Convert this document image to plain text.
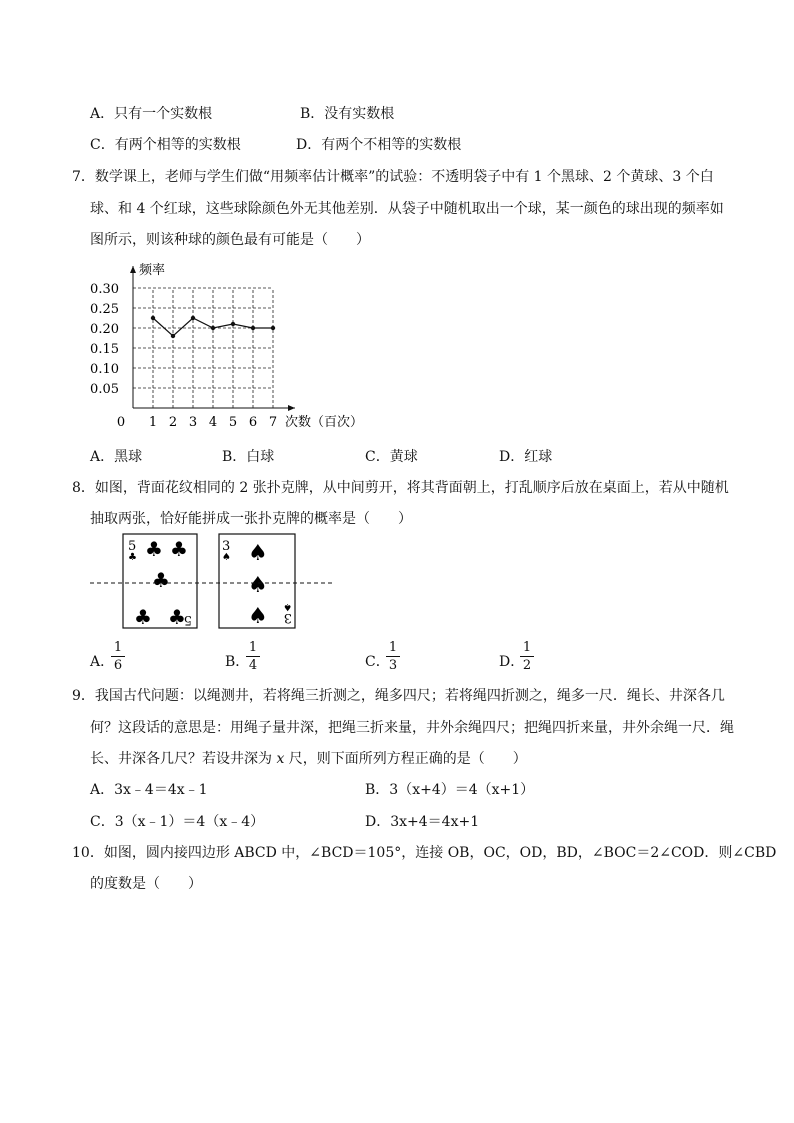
A．只有一个实数根	B．没有实数根
C．有两个相等的实数根	D．有两个不相等的实数根
7．数学课上，老师与学生们做“用频率估计概率”的试验：不透明袋子中有 1 个黑球、2 个黄球、3 个白
球、和 4 个红球，这些球除颜色外无其他差别．从袋子中随机取出一个球，某一颜色的球出现的频率如
图所示，则该种球的颜色最有可能是（　　）
0.05
0.10
0.15
0.20
0.25
0.30
1 2 3 4 5 6 7
0
频率
次数（百次）
A．黑球	B．白球	C．黄球	D．红球
8．如图，背面花纹相同的 2 张扑克牌，从中间剪开，将其背面朝上，打乱顺序后放在桌面上，若从中随机
抽取两张，恰好能拼成一张扑克牌的概率是（　　）
5
♣ ♣ ♣
♣
♣ ♣
5
3
♠ ♠
♠
♠ 3
♠
A．
1
6	B．
1
4	C．
1
3	D．
1
2
9．我国古代问题：以绳测井，若将绳三折测之，绳多四尺；若将绳四折测之，绳多一尺．绳长、井深各几
何？这段话的意思是：用绳子量井深，把绳三折来量，井外余绳四尺；把绳四折来量，井外余绳一尺．绳
长、井深各几尺？若设井深为 x 尺，则下面所列方程正确的是（　　）
A．3x﹣4＝4x﹣1	B．3（x+4）＝4（x+1）
C．3（x﹣1）＝4（x﹣4）	D．3x+4＝4x+1
10．如图，圆内接四边形 ABCD 中，∠BCD＝105°，连接 OB，OC，OD，BD，∠BOC＝2∠COD．则∠CBD
的度数是（　　）
